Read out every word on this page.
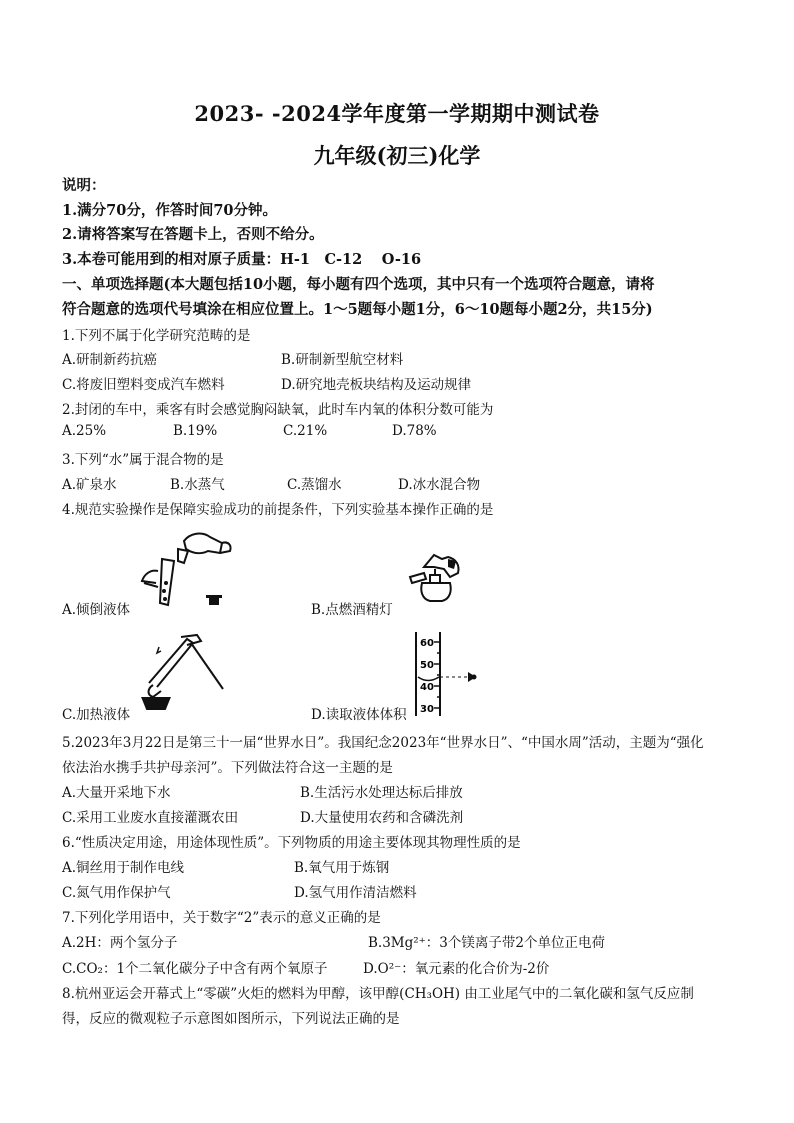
2023- -2024学年度第一学期期中测试卷
九年级(初三)化学
说明：
1.满分70分，作答时间70分钟。
2.请将答案写在答题卡上，否则不给分。
3.本卷可能用到的相对原子质量：H-1　C-12　 O-16
一、单项选择题(本大题包括10小题，每小题有四个选项，其中只有一个选项符合题意，请将
符合题意的选项代号填涂在相应位置上。1～5题每小题1分，6～10题每小题2分，共15分)
1.下列不属于化学研究范畴的是
A.研制新药抗癌	B.研制新型航空材料
C.将废旧塑料变成汽车燃料	D.研究地壳板块结构及运动规律
2.封闭的车中，乘客有时会感觉胸闷缺氧，此时车内氧的体积分数可能为
A.25%	B.19%	C.21%	D.78%
3.下列“水”属于混合物的是
A.矿泉水	B.水蒸气	C.蒸馏水	D.冰水混合物
4.规范实验操作是保障实验成功的前提条件，下列实验基本操作正确的是
A.倾倒液体	B.点燃酒精灯
C.加热液体
60
50
40
30
D.读取液体体积
5.2023年3月22日是第三十一届“世界水日”。我国纪念2023年“世界水日”、“中国水周”活动，主题为“强化
依法治水携手共护母亲河”。下列做法符合这一主题的是
A.大量开采地下水	B.生活污水处理达标后排放
C.采用工业废水直接灌溉农田	D.大量使用农药和含磷洗剂
6.“性质决定用途，用途体现性质”。下列物质的用途主要体现其物理性质的是
A.铜丝用于制作电线	B.氧气用于炼钢
C.氮气用作保护气	D.氢气用作清洁燃料
7.下列化学用语中，关于数字“2”表示的意义正确的是
A.2H：两个氢分子	B.3Mg²⁺：3个镁离子带2个单位正电荷
C.CO₂：1个二氧化碳分子中含有两个氧原子	D.O²⁻：氧元素的化合价为-2价
8.杭州亚运会开幕式上“零碳”火炬的燃料为甲醇，该甲醇(CH₃OH) 由工业尾气中的二氧化碳和氢气反应制
得，反应的微观粒子示意图如图所示，下列说法正确的是
